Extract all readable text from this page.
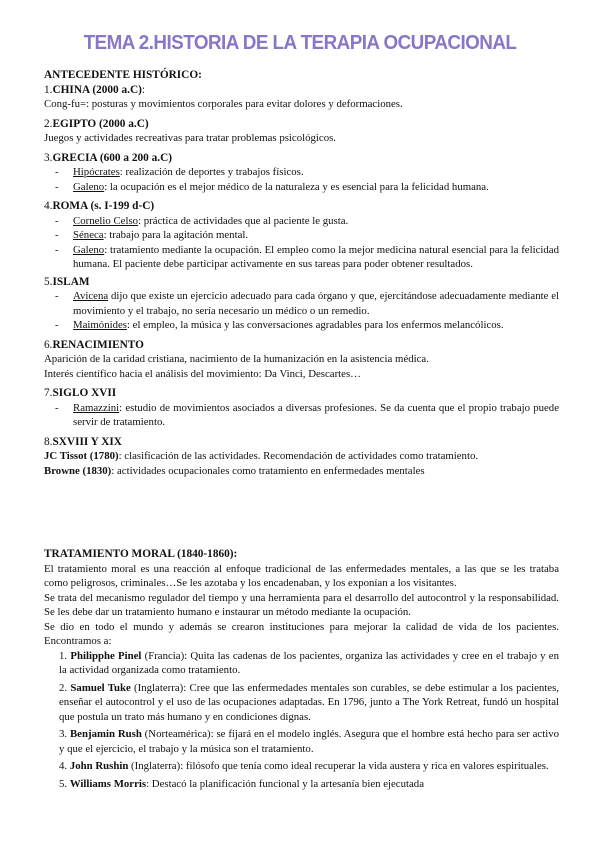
TEMA 2.HISTORIA DE LA TERAPIA OCUPACIONAL
ANTECEDENTE HISTÓRICO:
1.CHINA (2000 a.C):
Cong-fu=: posturas y movimientos corporales para evitar dolores y deformaciones.
2.EGIPTO (2000 a.C)
Juegos y actividades recreativas para tratar problemas psicológicos.
3.GRECIA (600 a 200 a.C)
- Hipócrates: realización de deportes y trabajos físicos.
- Galeno: la ocupación es el mejor médico de la naturaleza y es esencial para la felicidad humana.
4.ROMA (s. I-199 d-C)
- Cornelio Celso: práctica de actividades que al paciente le gusta.
- Séneca: trabajo para la agitación mental.
- Galeno: tratamiento mediante la ocupación. El empleo como la mejor medicina natural esencial para la felicidad humana. El paciente debe participar activamente en sus tareas para poder obtener resultados.
5.ISLAM
- Avicena dijo que existe un ejercicio adecuado para cada órgano y que, ejercitándose adecuadamente mediante el movimiento y el trabajo, no sería necesario un médico o un remedio.
- Maimónides: el empleo, la música y las conversaciones agradables para los enfermos melancólicos.
6.RENACIMIENTO
Aparición de la caridad cristiana, nacimiento de la humanización en la asistencia médica.
Interés científico hacia el análisis del movimiento: Da Vinci, Descartes…
7.SIGLO XVII
- Ramazzini: estudio de movimientos asociados a diversas profesiones. Se da cuenta que el propio trabajo puede servir de tratamiento.
8.SXVIII Y XIX
JC Tissot (1780): clasificación de las actividades. Recomendación de actividades como tratamiento.
Browne (1830): actividades ocupacionales como tratamiento en enfermedades mentales
TRATAMIENTO MORAL (1840-1860):
El tratamiento moral es una reacción al enfoque tradicional de las enfermedades mentales, a las que se les trataba como peligrosos, criminales…Se les azotaba y los encadenaban, y los exponían a los visitantes.
Se trata del mecanismo regulador del tiempo y una herramienta para el desarrollo del autocontrol y la responsabilidad. Se les debe dar un tratamiento humano e instaurar un método mediante la ocupación.
Se dio en todo el mundo y además se crearon instituciones para mejorar la calidad de vida de los pacientes. Encontramos a:
1. Philipphe Pinel (Francia): Quita las cadenas de los pacientes, organiza las actividades y cree en el trabajo y en la actividad organizada como tratamiento.
2. Samuel Tuke (Inglaterra): Cree que las enfermedades mentales son curables, se debe estimular a los pacientes, enseñar el autocontrol y el uso de las ocupaciones adaptadas. En 1796, junto a The York Retreat, fundó un hospital que postula un trato más humano y en condiciones dignas.
3. Benjamin Rush (Norteamérica): se fijará en el modelo inglés. Asegura que el hombre está hecho para ser activo y que el ejercicio, el trabajo y la música son el tratamiento.
4. John Rushin (Inglaterra): filósofo que tenía como ideal recuperar la vida austera y rica en valores espirituales.
5. Williams Morris: Destacó la planificación funcional y la artesanía bien ejecutada
